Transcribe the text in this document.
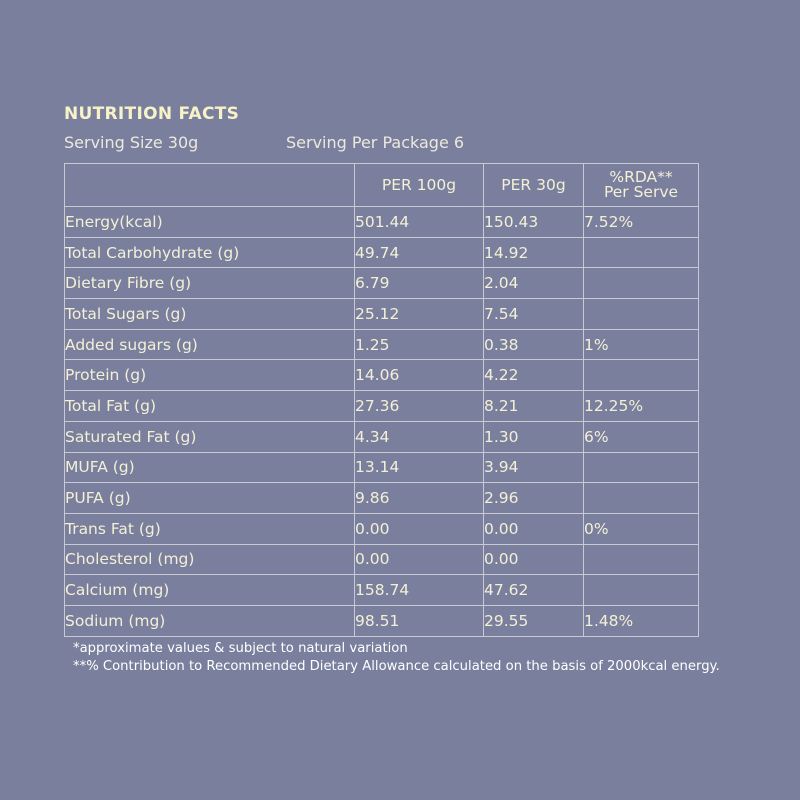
NUTRITION FACTS
Serving Size 30g	Serving Per Package 6
	PER 100g	PER 30g	%RDA**
Per Serve

Energy(kcal)	501.44	150.43	7.52%
Total Carbohydrate (g)	49.74	14.92	
Dietary Fibre (g)	6.79	2.04	
Total Sugars (g)	25.12	7.54	
Added sugars (g)	1.25	0.38	1%
Protein (g)	14.06	4.22	
Total Fat (g)	27.36	8.21	12.25%
Saturated Fat (g)	4.34	1.30	6%
MUFA (g)	13.14	3.94	
PUFA (g)	9.86	2.96	
Trans Fat (g)	0.00	0.00	0%
Cholesterol (mg)	0.00	0.00	
Calcium (mg)	158.74	47.62	
Sodium (mg)	98.51	29.55	1.48%
*approximate values & subject to natural variation
**% Contribution to Recommended Dietary Allowance calculated on the basis of 2000kcal energy.
